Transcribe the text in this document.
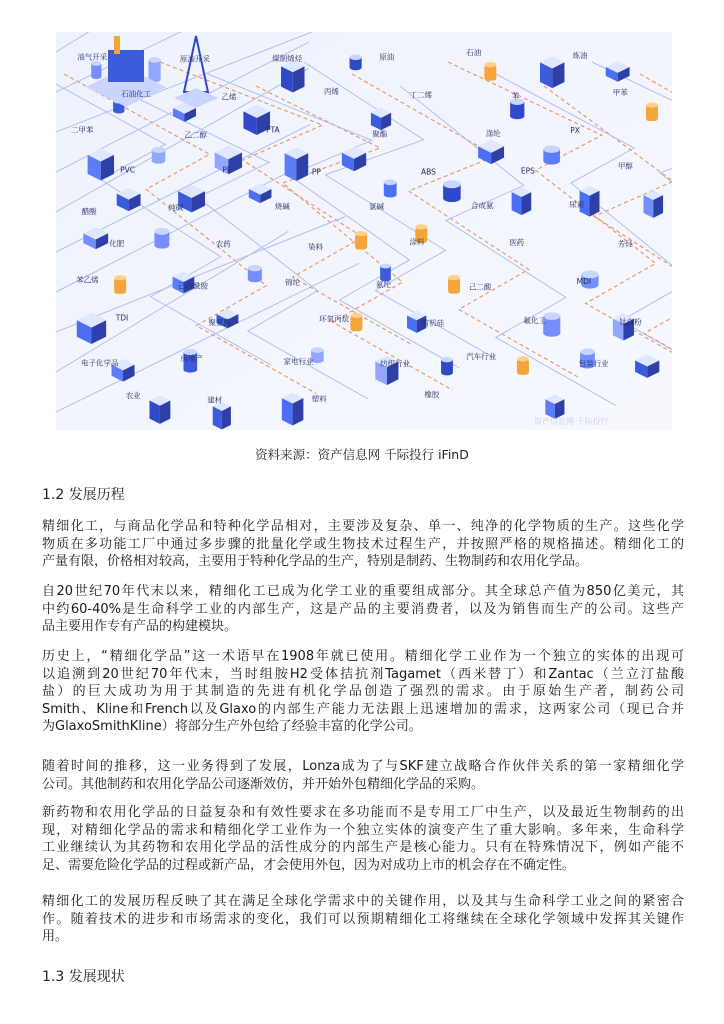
油气开采	原油开采	煤制烯烃	原油
石油	炼油
石油化工	乙烯
丙烯	丁二烯	苯	甲苯
二甲苯
乙二醇
PTA	聚酯	涤纶	PX
PVC	PE	PP	ABS	EPS
甲醇
醋酸	纯碱	烧碱	氯碱	合成氨	尿素
化肥	农药	染料
涂料	医药	芳烃
苯乙烯
己内酰胺	锦纶	氨纶	己二酸
MDI
TDI
聚氨酯	环氧丙烷	有机硅	氟化工	钛白粉
电子化学品	房地产	家电行业	纺织行业
汽车行业
包装行业
农业	建材	塑料	橡胶
资产信息网 千际投行
资料来源：资产信息网 千际投行 iFinD
1.2 发展历程

精细化工，与商品化学品和特种化学品相对，主要涉及复杂、单一、纯净的化学物质的生产。这些化学
物质在多功能工厂中通过多步骤的批量化学或生物技术过程生产，并按照严格的规格描述。精细化工的
产量有限，价格相对较高，主要用于特种化学品的生产，特别是制药、生物制药和农用化学品。

自20世纪70年代末以来，精细化工已成为化学工业的重要组成部分。其全球总产值为850亿美元，其
中约60-40%是生命科学工业的内部生产，这是产品的主要消费者，以及为销售而生产的公司。这些产
品主要用作专有产品的构建模块。

历史上，“精细化学品”这一术语早在1908年就已使用。精细化学工业作为一个独立的实体的出现可
以追溯到20世纪70年代末，当时组胺H2受体拮抗剂Tagamet（西米替丁）和Zantac（兰立汀盐酸
盐）的巨大成功为用于其制造的先进有机化学品创造了强烈的需求。由于原始生产者，制药公司
Smith、Kline和French以及Glaxo的内部生产能力无法跟上迅速增加的需求，这两家公司（现已合并
为GlaxoSmithKline）将部分生产外包给了经验丰富的化学公司。

随着时间的推移，这一业务得到了发展，Lonza成为了与SKF建立战略合作伙伴关系的第一家精细化学
公司。其他制药和农用化学品公司逐渐效仿，并开始外包精细化学品的采购。

新药物和农用化学品的日益复杂和有效性要求在多功能而不是专用工厂中生产，以及最近生物制药的出
现，对精细化学品的需求和精细化学工业作为一个独立实体的演变产生了重大影响。多年来，生命科学
工业继续认为其药物和农用化学品的活性成分的内部生产是核心能力。只有在特殊情况下，例如产能不
足、需要危险化学品的过程或新产品，才会使用外包，因为对成功上市的机会存在不确定性。

精细化工的发展历程反映了其在满足全球化学需求中的关键作用，以及其与生命科学工业之间的紧密合
作。随着技术的进步和市场需求的变化，我们可以预期精细化工将继续在全球化学领域中发挥其关键作
用。

1.3 发展现状
